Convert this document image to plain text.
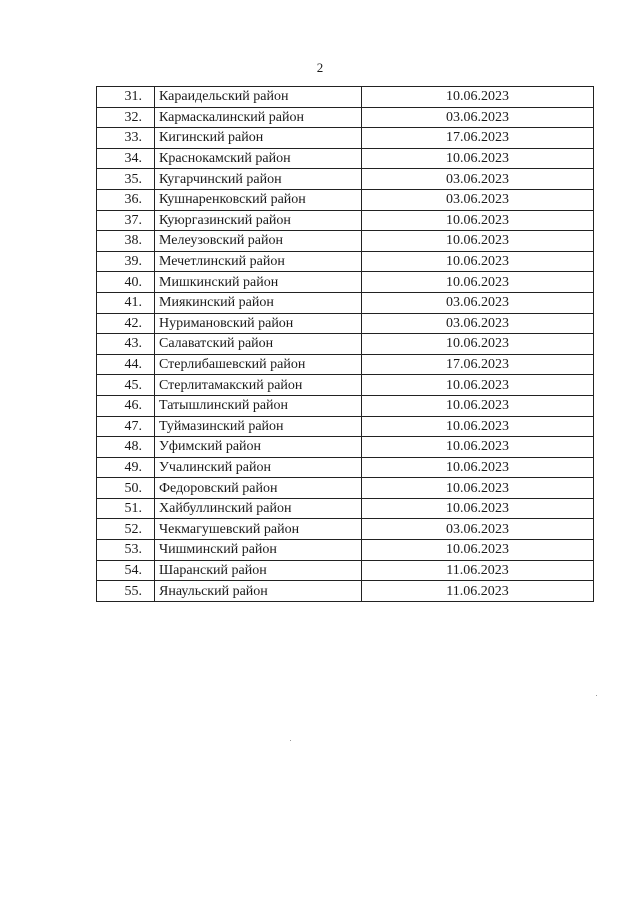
2
31.	Караидельский район	10.06.2023
32.	Кармаскалинский район	03.06.2023
33.	Кигинский район	17.06.2023
34.	Краснокамский район	10.06.2023
35.	Кугарчинский район	03.06.2023
36.	Кушнаренковский район	03.06.2023
37.	Куюргазинский район	10.06.2023
38.	Мелеузовский район	10.06.2023
39.	Мечетлинский район	10.06.2023
40.	Мишкинский район	10.06.2023
41.	Миякинский район	03.06.2023
42.	Нуримановский район	03.06.2023
43.	Салаватский район	10.06.2023
44.	Стерлибашевский район	17.06.2023
45.	Стерлитамакский район	10.06.2023
46.	Татышлинский район	10.06.2023
47.	Туймазинский район	10.06.2023
48.	Уфимский район	10.06.2023
49.	Учалинский район	10.06.2023
50.	Федоровский район	10.06.2023
51.	Хайбуллинский район	10.06.2023
52.	Чекмагушевский район	03.06.2023
53.	Чишминский район	10.06.2023
54.	Шаранский район	11.06.2023
55.	Янаульский район	11.06.2023
